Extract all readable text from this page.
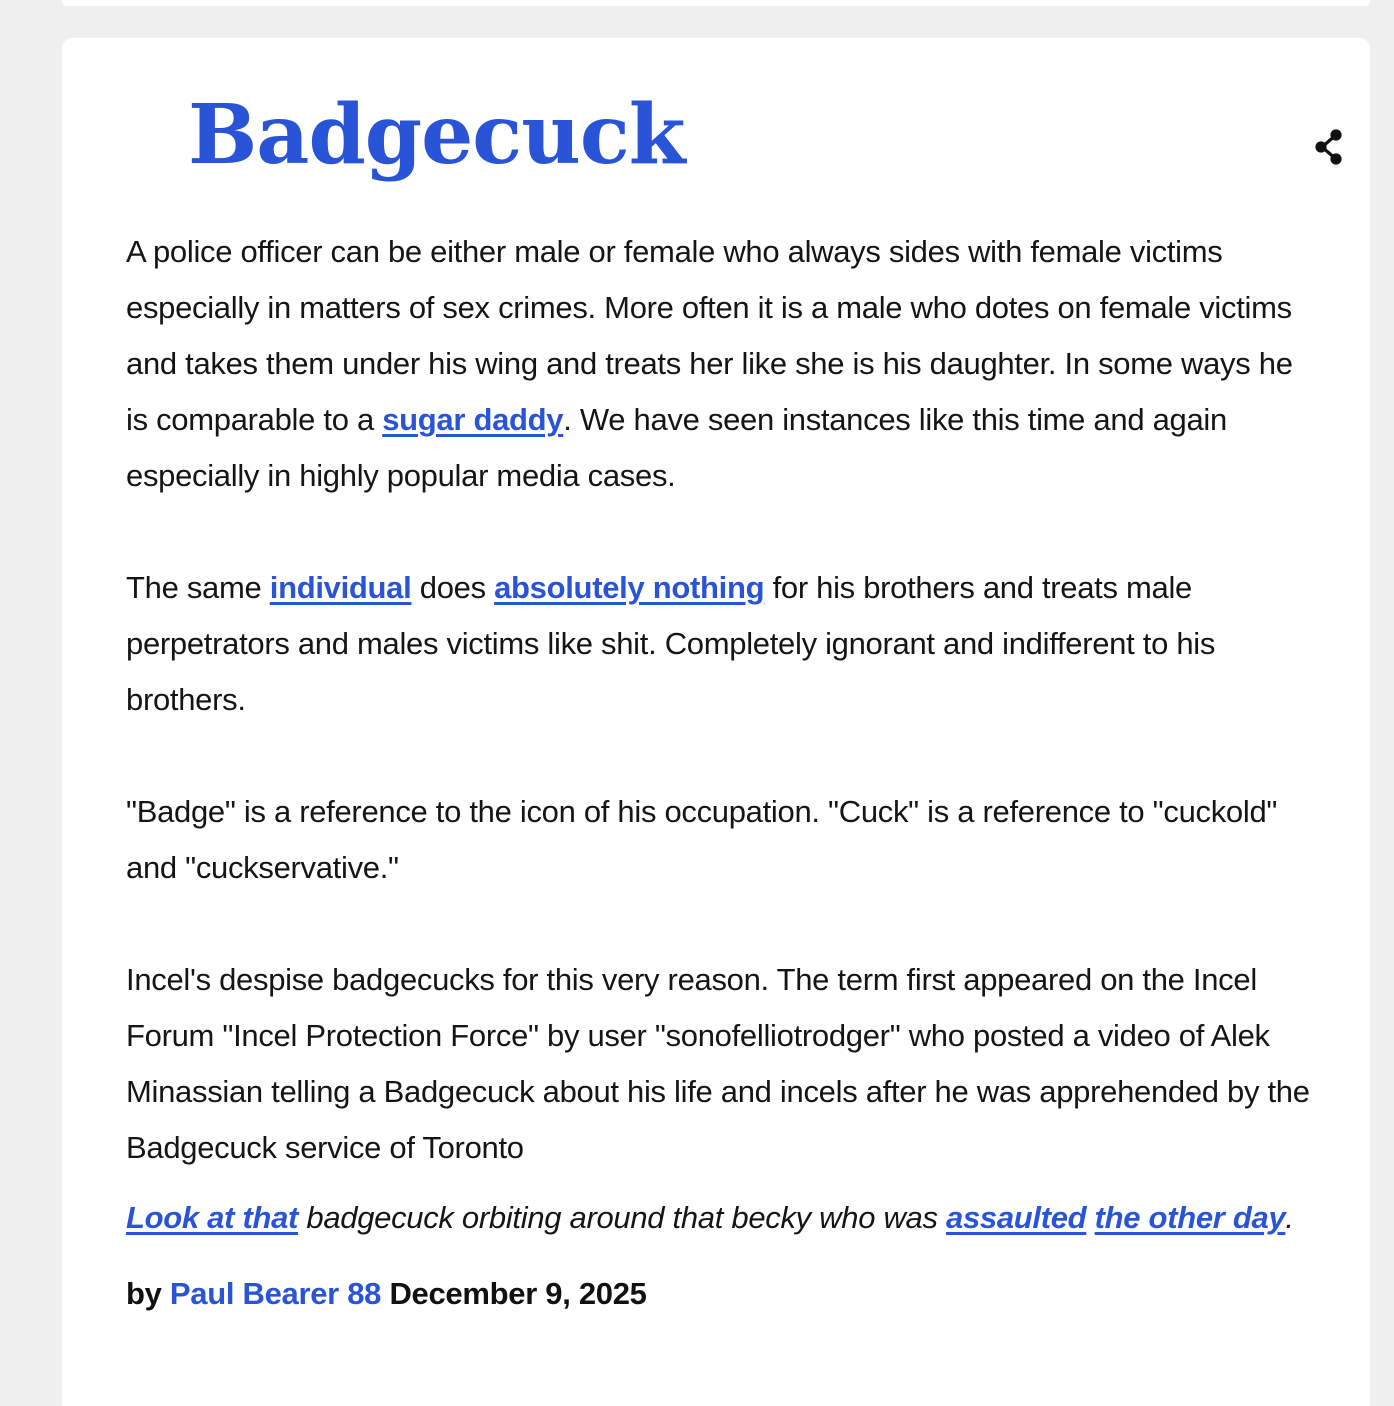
Badgecuck
A police officer can be either male or female who always sides with female victims especially in matters of sex crimes. More often it is a male who dotes on female victims and takes them under his wing and treats her like she is his daughter. In some ways he is comparable to a sugar daddy. We have seen instances like this time and again especially in highly popular media cases.

The same individual does absolutely nothing for his brothers and treats male perpetrators and males victims like shit. Completely ignorant and indifferent to his brothers.

"Badge" is a reference to the icon of his occupation. "Cuck" is a reference to "cuckold" and "cuckservative."

Incel's despise badgecucks for this very reason. The term first appeared on the Incel Forum "Incel Protection Force" by user "sonofelliotrodger" who posted a video of Alek Minassian telling a Badgecuck about his life and incels after he was apprehended by the Badgecuck service of Toronto
Look at that badgecuck orbiting around that becky who was assaulted the other day.
by Paul Bearer 88 December 9, 2025
